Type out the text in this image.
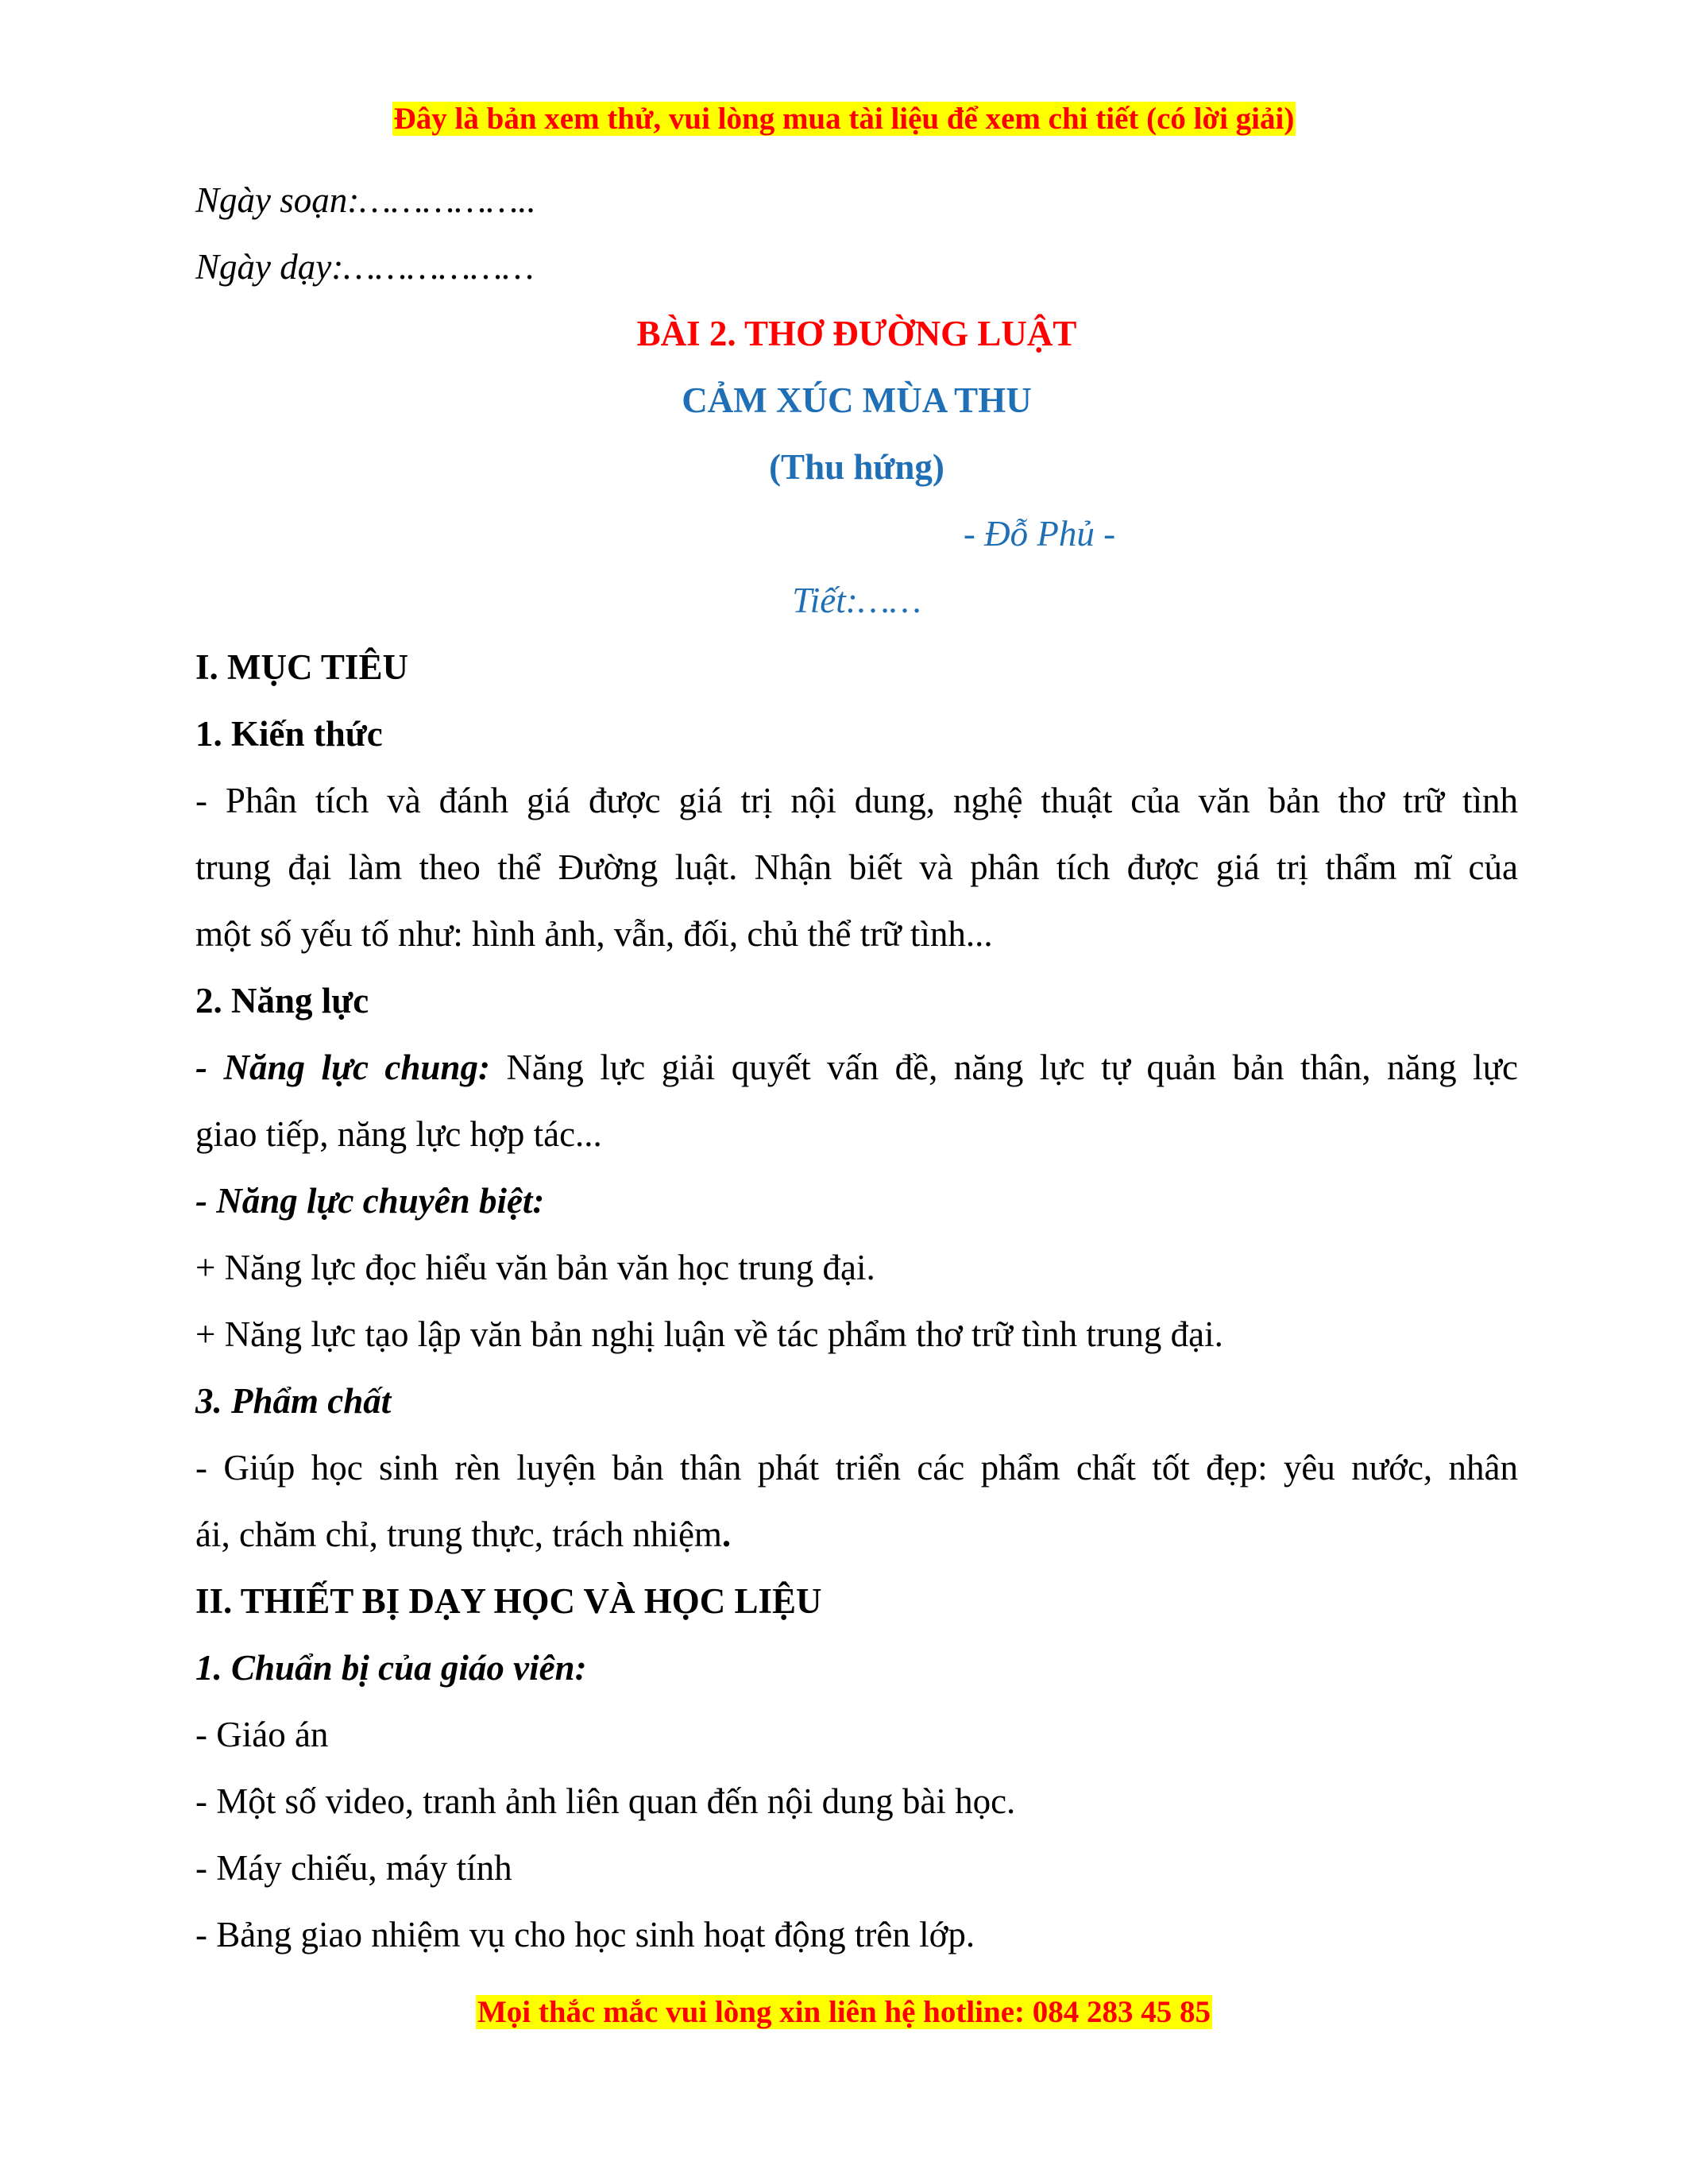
Đây là bản xem thử, vui lòng mua tài liệu để xem chi tiết (có lời giải)

Ngày soạn:……………..

Ngày dạy:………………

BÀI 2. THƠ ĐƯỜNG LUẬT

CẢM XÚC MÙA THU

(Thu hứng)

- Đỗ Phủ -

Tiết:……

I. MỤC TIÊU

1. Kiến thức

- Phân tích và đánh giá được giá trị nội dung, nghệ thuật của văn bản thơ trữ tình

trung đại làm theo thể Đường luật. Nhận biết và phân tích được giá trị thẩm mĩ của

một số yếu tố như: hình ảnh, vẫn, đối, chủ thể trữ tình...

2. Năng lực

- Năng lực chung: Năng lực giải quyết vấn đề, năng lực tự quản bản thân, năng lực

giao tiếp, năng lực hợp tác...

- Năng lực chuyên biệt:

+ Năng lực đọc hiểu văn bản văn học trung đại.

+ Năng lực tạo lập văn bản nghị luận về tác phẩm thơ trữ tình trung đại.

3. Phẩm chất

- Giúp học sinh rèn luyện bản thân phát triển các phẩm chất tốt đẹp: yêu nước, nhân

ái, chăm chỉ, trung thực, trách nhiệm.

II. THIẾT BỊ DẠY HỌC VÀ HỌC LIỆU

1. Chuẩn bị của giáo viên:

- Giáo án

- Một số video, tranh ảnh liên quan đến nội dung bài học.

- Máy chiếu, máy tính

- Bảng giao nhiệm vụ cho học sinh hoạt động trên lớp.

Mọi thắc mắc vui lòng xin liên hệ hotline: 084 283 45 85
